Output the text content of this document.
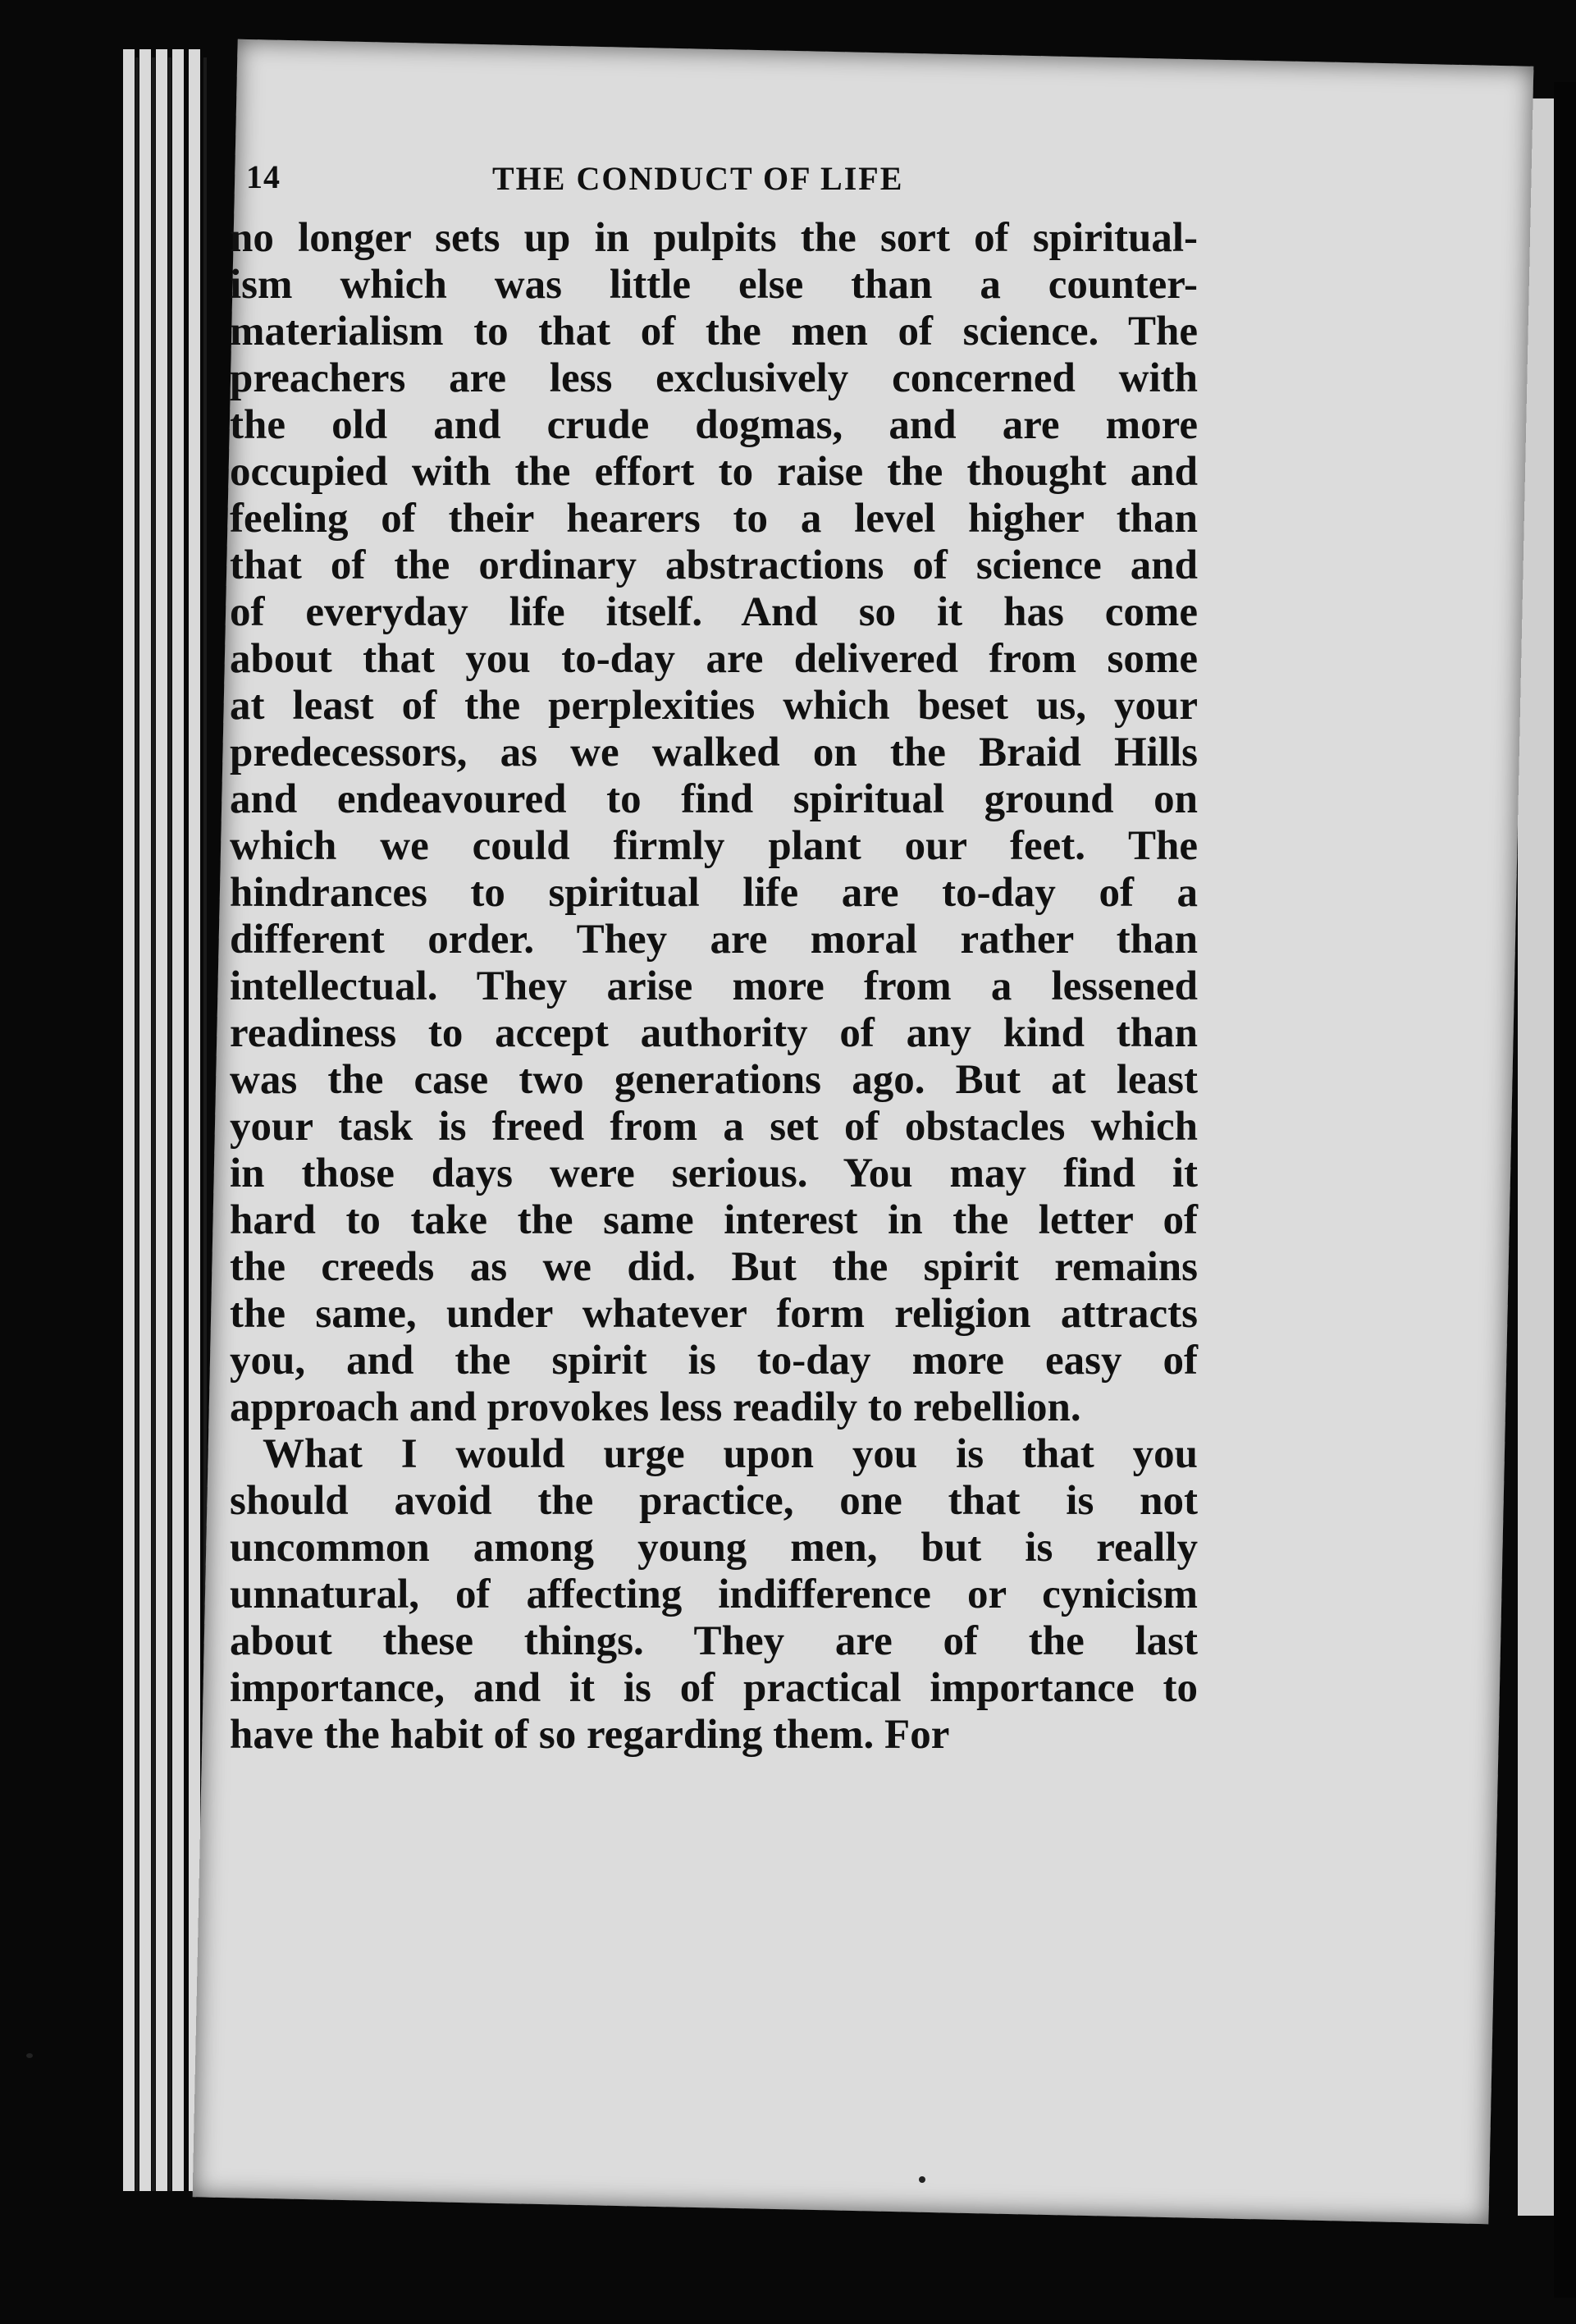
14	THE CONDUCT OF LIFE
no longer sets up in pulpits the sort of spiritual-
ism which was little else than a counter-
materialism to that of the men of science. The
preachers are less exclusively concerned with
the old and crude dogmas, and are more
occupied with the effort to raise the thought and
feeling of their hearers to a level higher than
that of the ordinary abstractions of science and
of everyday life itself. And so it has come
about that you to-day are delivered from some
at least of the perplexities which beset us, your
predecessors, as we walked on the Braid Hills
and endeavoured to find spiritual ground on
which we could firmly plant our feet. The
hindrances to spiritual life are to-day of a
different order. They are moral rather than
intellectual. They arise more from a lessened
readiness to accept authority of any kind than
was the case two generations ago. But at least
your task is freed from a set of obstacles which
in those days were serious. You may find it
hard to take the same interest in the letter of
the creeds as we did. But the spirit remains
the same, under whatever form religion attracts
you, and the spirit is to-day more easy of
approach and provokes less readily to rebellion.
What I would urge upon you is that you
should avoid the practice, one that is not
uncommon among young men, but is really
unnatural, of affecting indifference or cynicism
about these things. They are of the last
importance, and it is of practical importance to
have the habit of so regarding them. For
